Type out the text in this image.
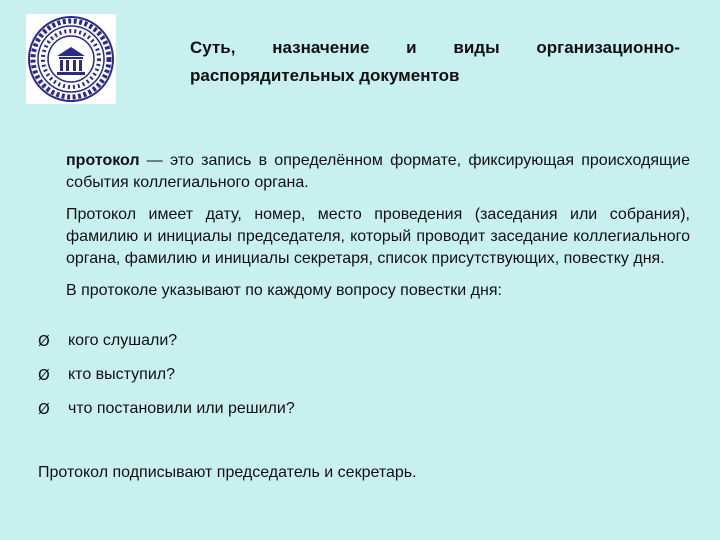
Суть, назначение и виды организационно-
распорядительных документов

протокол — это запись в определённом формате, фиксирующая происходящие события коллегиального органа.

Протокол имеет дату, номер, место проведения (заседания или собрания), фамилию и инициалы председателя, который проводит заседание коллегиального органа, фамилию и инициалы секретаря, список присутствующих, повестку дня.

В протоколе указывают по каждому вопросу повестки дня:

Ø	кого слушали?
Ø	кто выступил?
Ø	что постановили или решили?
Протокол подписывают председатель и секретарь.
